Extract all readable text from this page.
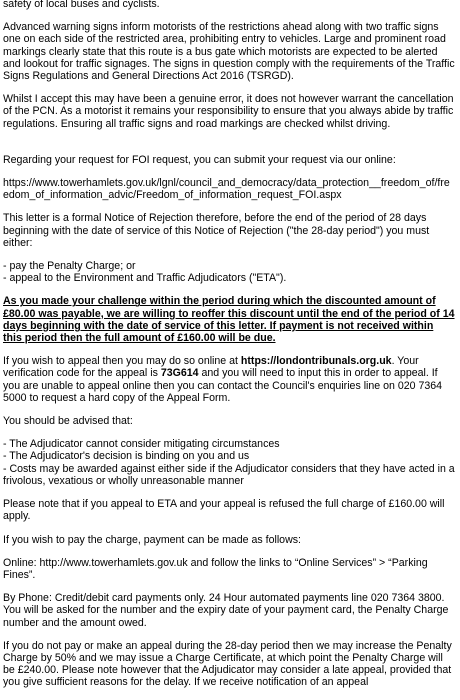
safety of local buses and cyclists.

Advanced warning signs inform motorists of the restrictions ahead along with two traffic signs one on each side of the restricted area, prohibiting entry to vehicles. Large and prominent road markings clearly state that this route is a bus gate which motorists are expected to be alerted and lookout for traffic signages. The signs in question comply with the requirements of the Traffic Signs Regulations and General Directions Act 2016 (TSRGD).

Whilst I accept this may have been a genuine error, it does not however warrant the cancellation of the PCN. As a motorist it remains your responsibility to ensure that you always abide by traffic regulations. Ensuring all traffic signs and road markings are checked whilst driving.

Regarding your request for FOI request, you can submit your request via our online:

https://www.towerhamlets.gov.uk/lgnl/council_and_democracy/data_protection__freedom_of/freedom_of_information_advic/Freedom_of_information_request_FOI.aspx

This letter is a formal Notice of Rejection therefore, before the end of the period of 28 days beginning with the date of service of this Notice of Rejection ("the 28-day period") you must either:

- pay the Penalty Charge; or
- appeal to the Environment and Traffic Adjudicators ("ETA").

As you made your challenge within the period during which the discounted amount of £80.00 was payable, we are willing to reoffer this discount until the end of the period of 14 days beginning with the date of service of this letter. If payment is not received within this period then the full amount of £160.00 will be due.

If you wish to appeal then you may do so online at https://londontribunals.org.uk. Your verification code for the appeal is 73G614 and you will need to input this in order to appeal. If you are unable to appeal online then you can contact the Council's enquiries line on 020 7364 5000 to request a hard copy of the Appeal Form.

You should be advised that:

- The Adjudicator cannot consider mitigating circumstances
- The Adjudicator's decision is binding on you and us
- Costs may be awarded against either side if the Adjudicator considers that they have acted in a frivolous, vexatious or wholly unreasonable manner

Please note that if you appeal to ETA and your appeal is refused the full charge of £160.00 will apply.

If you wish to pay the charge, payment can be made as follows:

Online: http://www.towerhamlets.gov.uk and follow the links to “Online Services” > “Parking Fines”.

By Phone: Credit/debit card payments only. 24 Hour automated payments line 020 7364 3800. You will be asked for the number and the expiry date of your payment card, the Penalty Charge number and the amount owed.

If you do not pay or make an appeal during the 28-day period then we may increase the Penalty Charge by 50% and we may issue a Charge Certificate, at which point the Penalty Charge will be £240.00. Please note however that the Adjudicator may consider a late appeal, provided that you give sufficient reasons for the delay. If we receive notification of an appeal
